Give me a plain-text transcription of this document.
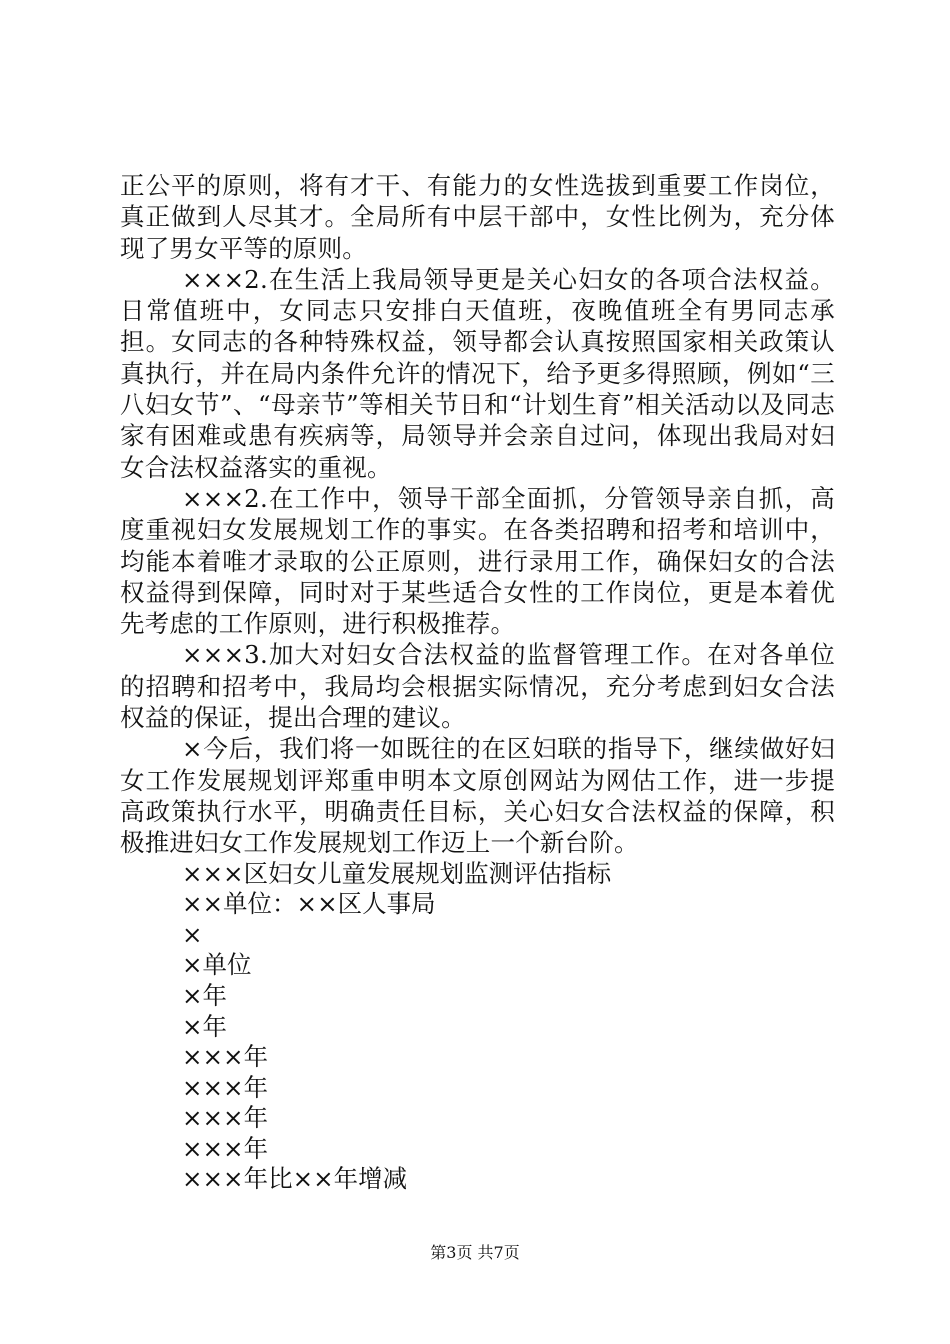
正公平的原则，将有才干、有能力的女性选拔到重要工作岗位，真正做到人尽其才。全局所有中层干部中，女性比例为，充分体现了男女平等的原则。

×××2.在生活上我局领导更是关心妇女的各项合法权益。日常值班中，女同志只安排白天值班，夜晚值班全有男同志承担。女同志的各种特殊权益，领导都会认真按照国家相关政策认真执行，并在局内条件允许的情况下，给予更多得照顾，例如“三八妇女节”、“母亲节”等相关节日和“计划生育”相关活动以及同志家有困难或患有疾病等，局领导并会亲自过问，体现出我局对妇女合法权益落实的重视。

×××2.在工作中，领导干部全面抓，分管领导亲自抓，高度重视妇女发展规划工作的事实。在各类招聘和招考和培训中，均能本着唯才录取的公正原则，进行录用工作，确保妇女的合法权益得到保障，同时对于某些适合女性的工作岗位，更是本着优先考虑的工作原则，进行积极推荐。

×××3.加大对妇女合法权益的监督管理工作。在对各单位的招聘和招考中，我局均会根据实际情况，充分考虑到妇女合法权益的保证，提出合理的建议。

×今后，我们将一如既往的在区妇联的指导下，继续做好妇女工作发展规划评郑重申明本文原创网站为网估工作，进一步提高政策执行水平，明确责任目标，关心妇女合法权益的保障，积极推进妇女工作发展规划工作迈上一个新台阶。

×××区妇女儿童发展规划监测评估指标

××单位：××区人事局

×

×单位

×年

×年

×××年

×××年

×××年

×××年

×××年比××年增减

第3页 共7页
